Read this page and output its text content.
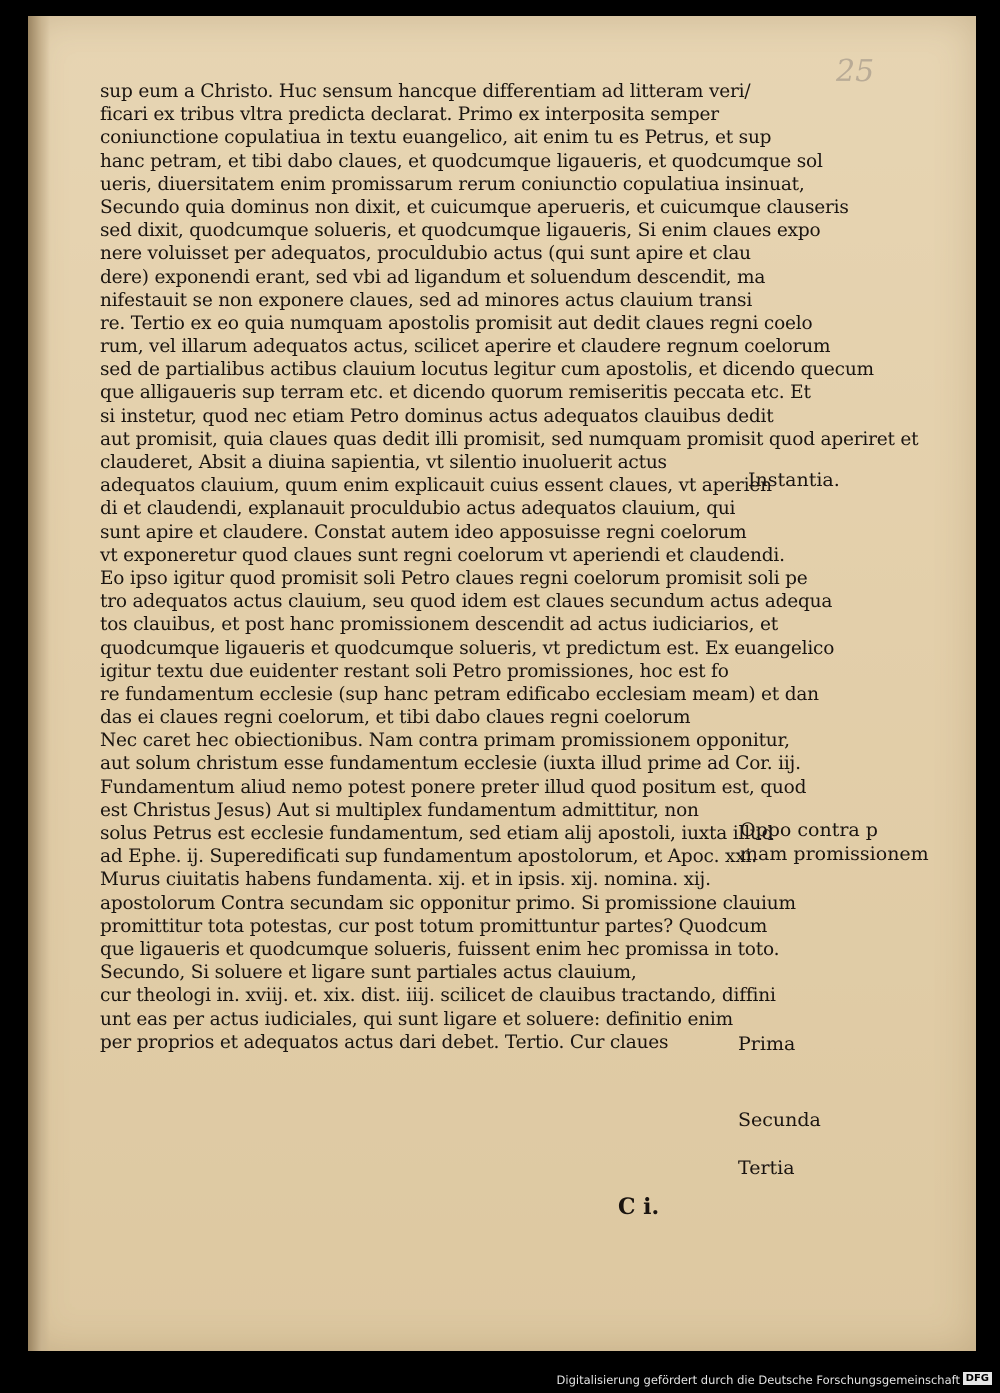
25
sup eum a Christo. Huc sensum hancque differentiam ad litteram veri/
ficari ex tribus vltra predicta declarat. Primo ex interposita semper
coniunctione copulatiua in textu euangelico, ait enim tu es Petrus, et sup
hanc petram, et tibi dabo claues, et quodcumque ligaueris, et quodcumque sol
ueris, diuersitatem enim promissarum rerum coniunctio copulatiua insinuat,
Secundo quia dominus non dixit, et cuicumque aperueris, et cuicumque clauseris
sed dixit, quodcumque solueris, et quodcumque ligaueris, Si enim claues expo
nere voluisset per adequatos, proculdubio actus (qui sunt apire et clau
dere) exponendi erant, sed vbi ad ligandum et soluendum descendit, ma
nifestauit se non exponere claues, sed ad minores actus clauium transi
re. Tertio ex eo quia numquam apostolis promisit aut dedit claues regni coelo
rum, vel illarum adequatos actus, scilicet aperire et claudere regnum coelorum
sed de partialibus actibus clauium locutus legitur cum apostolis, et dicendo quecum
que alligaueris sup terram etc. et dicendo quorum remiseritis peccata etc. Et
si instetur, quod nec etiam Petro dominus actus adequatos clauibus dedit
aut promisit, quia claues quas dedit illi promisit, sed numquam promisit quod aperiret et
clauderet, Absit a diuina sapientia, vt silentio inuoluerit actus
adequatos clauium, quum enim explicauit cuius essent claues, vt aperien
di et claudendi, explanauit proculdubio actus adequatos clauium, qui
sunt apire et claudere. Constat autem ideo apposuisse regni coelorum
vt exponeretur quod claues sunt regni coelorum vt aperiendi et claudendi.
Eo ipso igitur quod promisit soli Petro claues regni coelorum promisit soli pe
tro adequatos actus clauium, seu quod idem est claues secundum actus adequa
tos clauibus, et post hanc promissionem descendit ad actus iudiciarios, et
quodcumque ligaueris et quodcumque solueris, vt predictum est. Ex euangelico
igitur textu due euidenter restant soli Petro promissiones, hoc est fo
re fundamentum ecclesie (sup hanc petram edificabo ecclesiam meam) et dan
das ei claues regni coelorum, et tibi dabo claues regni coelorum
Nec caret hec obiectionibus. Nam contra primam promissionem opponitur,
aut solum christum esse fundamentum ecclesie (iuxta illud prime ad Cor. iij.
Fundamentum aliud nemo potest ponere preter illud quod positum est, quod
est Christus Jesus) Aut si multiplex fundamentum admittitur, non
solus Petrus est ecclesie fundamentum, sed etiam alij apostoli, iuxta illud
ad Ephe. ij. Superedificati sup fundamentum apostolorum, et Apoc. xxi.
Murus ciuitatis habens fundamenta. xij. et in ipsis. xij. nomina. xij.
apostolorum Contra secundam sic opponitur primo. Si promissione clauium
promittitur tota potestas, cur post totum promittuntur partes? Quodcum
que ligaueris et quodcumque solueris, fuissent enim hec promissa in toto.
Secundo, Si soluere et ligare sunt partiales actus clauium,
cur theologi in. xviij. et. xix. dist. iiij. scilicet de clauibus tractando, diffini
unt eas per actus iudiciales, qui sunt ligare et soluere: definitio enim
per proprios et adequatos actus dari debet. Tertio. Cur claues
Instantia.
Oppo contra p
mam promissionem
Prima
Secunda
Tertia
C i.
Digitalisierung gefördert durch die Deutsche Forschungsgemeinschaft DFG
